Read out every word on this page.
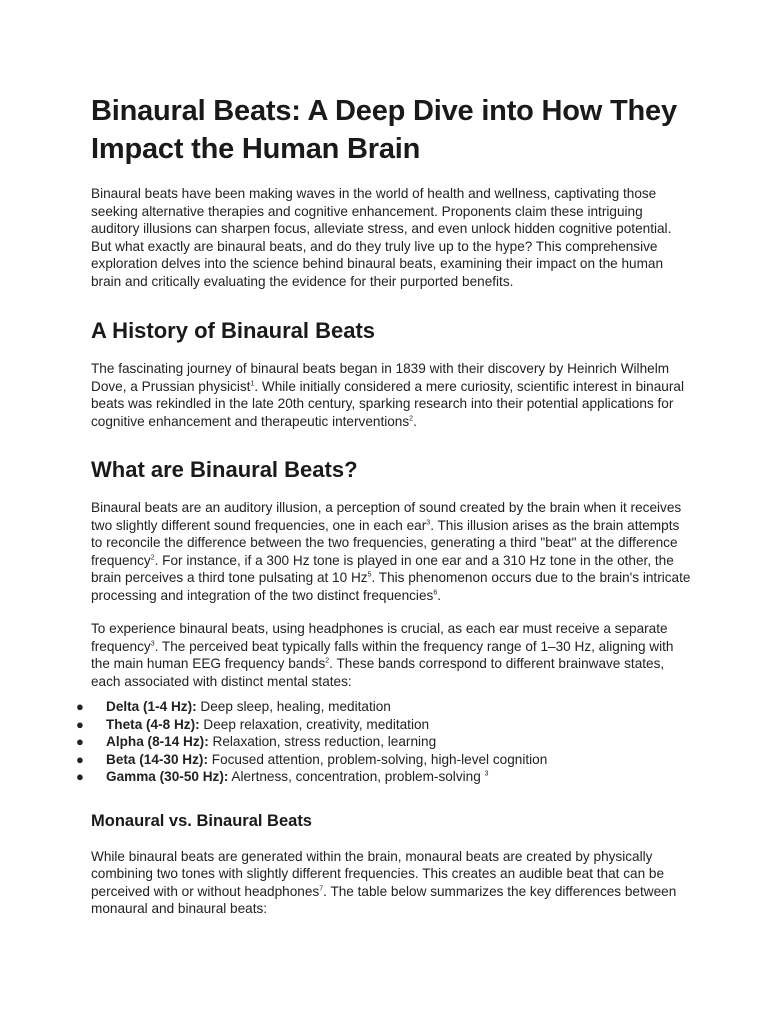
Binaural Beats: A Deep Dive into How They Impact the Human Brain

Binaural beats have been making waves in the world of health and wellness, captivating those seeking alternative therapies and cognitive enhancement. Proponents claim these intriguing auditory illusions can sharpen focus, alleviate stress, and even unlock hidden cognitive potential. But what exactly are binaural beats, and do they truly live up to the hype? This comprehensive exploration delves into the science behind binaural beats, examining their impact on the human brain and critically evaluating the evidence for their purported benefits.

A History of Binaural Beats

The fascinating journey of binaural beats began in 1839 with their discovery by Heinrich Wilhelm Dove, a Prussian physicist$^1$. While initially considered a mere curiosity, scientific interest in binaural beats was rekindled in the late 20th century, sparking research into their potential applications for cognitive enhancement and therapeutic interventions$^2$.

What are Binaural Beats?

Binaural beats are an auditory illusion, a perception of sound created by the brain when it receives two slightly different sound frequencies, one in each ear$^3$. This illusion arises as the brain attempts to reconcile the difference between the two frequencies, generating a third "beat" at the difference frequency$^2$. For instance, if a 300 Hz tone is played in one ear and a 310 Hz tone in the other, the brain perceives a third tone pulsating at 10 Hz$^5$. This phenomenon occurs due to the brain's intricate processing and integration of the two distinct frequencies$^6$.

To experience binaural beats, using headphones is crucial, as each ear must receive a separate frequency$^3$. The perceived beat typically falls within the frequency range of 1–30 Hz, aligning with the main human EEG frequency bands$^2$. These bands correspond to different brainwave states, each associated with distinct mental states:

● Delta (1-4 Hz): Deep sleep, healing, meditation
● Theta (4-8 Hz): Deep relaxation, creativity, meditation
● Alpha (8-14 Hz): Relaxation, stress reduction, learning
● Beta (14-30 Hz): Focused attention, problem-solving, high-level cognition
● Gamma (30-50 Hz): Alertness, concentration, problem-solving $^3$
Monaural vs. Binaural Beats

While binaural beats are generated within the brain, monaural beats are created by physically combining two tones with slightly different frequencies. This creates an audible beat that can be perceived with or without headphones$^7$. The table below summarizes the key differences between monaural and binaural beats:
